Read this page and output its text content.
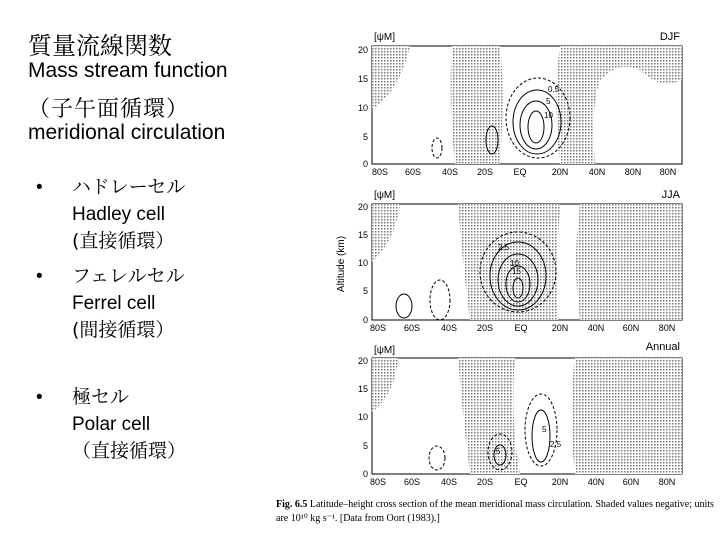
質量流線関数
Mass stream function
（子午面循環）
meridional circulation
• ハドレーセル
Hadley cell
(直接循環）
• フェレルセル
Ferrel cell
(間接循環）
• 極セル
Polar cell
（直接循環）
0.5
5
10
[ψM]	DJF
0
5
10
15
20
80S 60S 40S 20S EQ	20N 40N 80N 80N
2.5
10
15
[ψM]	JJA
0
5
10
15
20
80S 60S 40S 20S EQ	20N 40N 60N 80N
Altitude (km)
5
2.5
5
[ψM]	Annual
0
5
10
15
20
80S 60S 40S 20S EQ	20N 40N 60N 80N
Fig. 6.5 Latitude–height cross section of the mean meridional mass circulation. Shaded values negative; units are 10¹⁰ kg s⁻¹. [Data from Oort (1983).]
